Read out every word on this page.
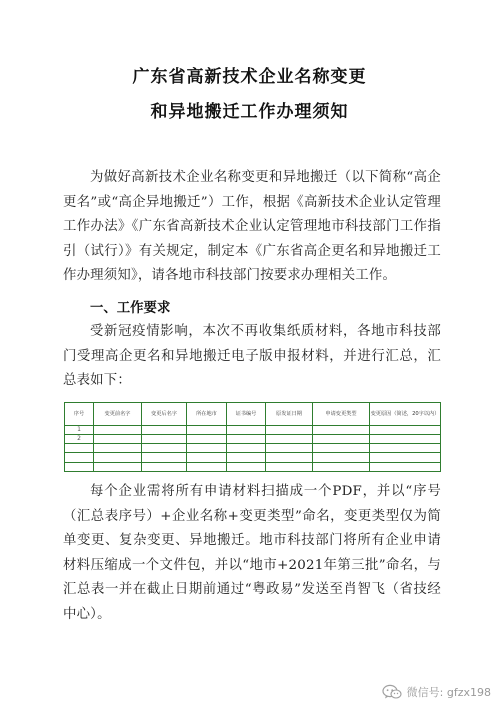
广东省高新技术企业名称变更
和异地搬迁工作办理须知
为做好高新技术企业名称变更和异地搬迁（以下简称“高企更名”或“高企异地搬迁”）工作，根据《高新技术企业认定管理工作办法》《广东省高新技术企业认定管理地市科技部门工作指引（试行）》有关规定，制定本《广东省高企更名和异地搬迁工作办理须知》，请各地市科技部门按要求办理相关工作。
一、工作要求
受新冠疫情影响，本次不再收集纸质材料，各地市科技部门受理高企更名和异地搬迁电子版申报材料，并进行汇总，汇总表如下：
序号	变更前名字	变更后名字	所在地市	证书编号	原发证日期	申请变更类型	变更原因（简述，20字以内）
1							
2							

每个企业需将所有申请材料扫描成一个PDF，并以“序号（汇总表序号）+企业名称+变更类型”命名，变更类型仅为简单变更、复杂变更、异地搬迁。地市科技部门将所有企业申请材料压缩成一个文件包，并以“地市+2021年第三批”命名，与汇总表一并在截止日期前通过“粤政易”发送至肖智飞（省技经中心）。
微信号: gfzx198
